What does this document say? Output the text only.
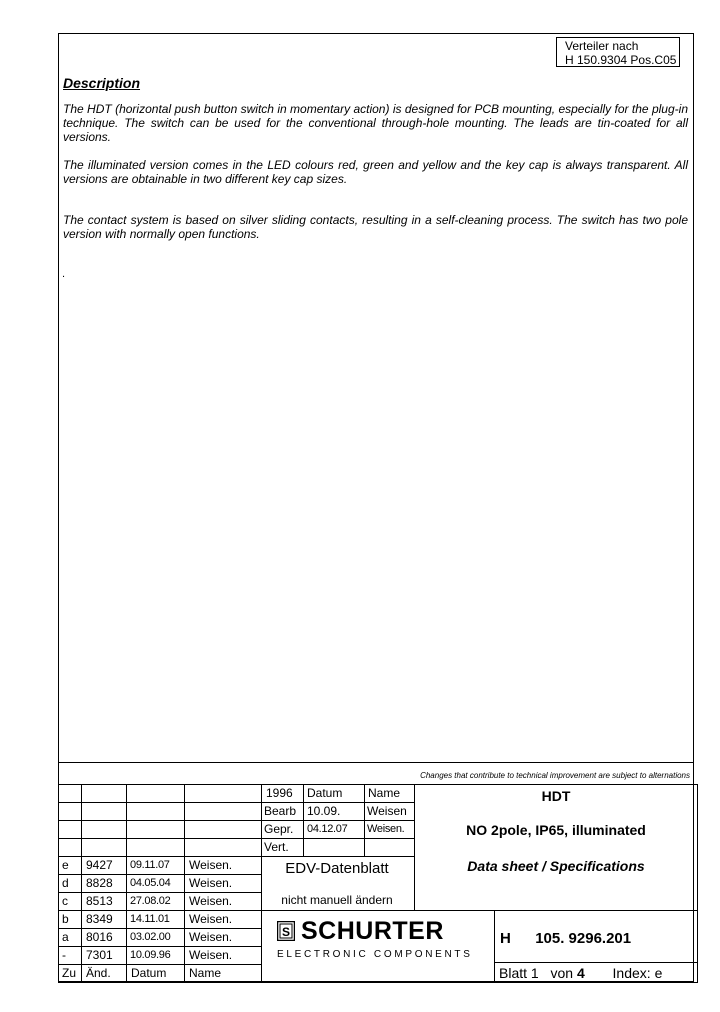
Verteiler nach
H 150.9304 Pos.C05
Description
The HDT (horizontal push button switch in momentary action) is designed for PCB mounting, especially for the plug-in technique. The switch can be used for the conventional through-hole mounting. The leads are tin-coated for all versions.
The illuminated version comes in the LED colours red, green and yellow and the key cap is always transparent. All versions are obtainable in two different key cap sizes.
The contact system is based on silver sliding contacts, resulting in a self-cleaning process. The switch has two pole version with normally open functions.
.
Changes that contribute to technical improvement are subject to alternations
1996 Datum Name
Bearb 10.09. Weisen
Gepr. 04.12.07 Weisen.
Vert.
e 9427 09.11.07 Weisen.
d 8828 04.05.04 Weisen.
c 8513 27.08.02 Weisen.
b 8349 14.11.01 Weisen.
a 8016 03.02.00 Weisen.
- 7301 10.09.96 Weisen.
Zu Änd. Datum Name
HDT
NO 2pole, IP65, illuminated
Data sheet / Specifications
EDV-Datenblatt
nicht manuell ändern
S SCHURTER
ELECTRONIC COMPONENTS
H 105. 9296.201
Blatt 1 von 4 Index: e
